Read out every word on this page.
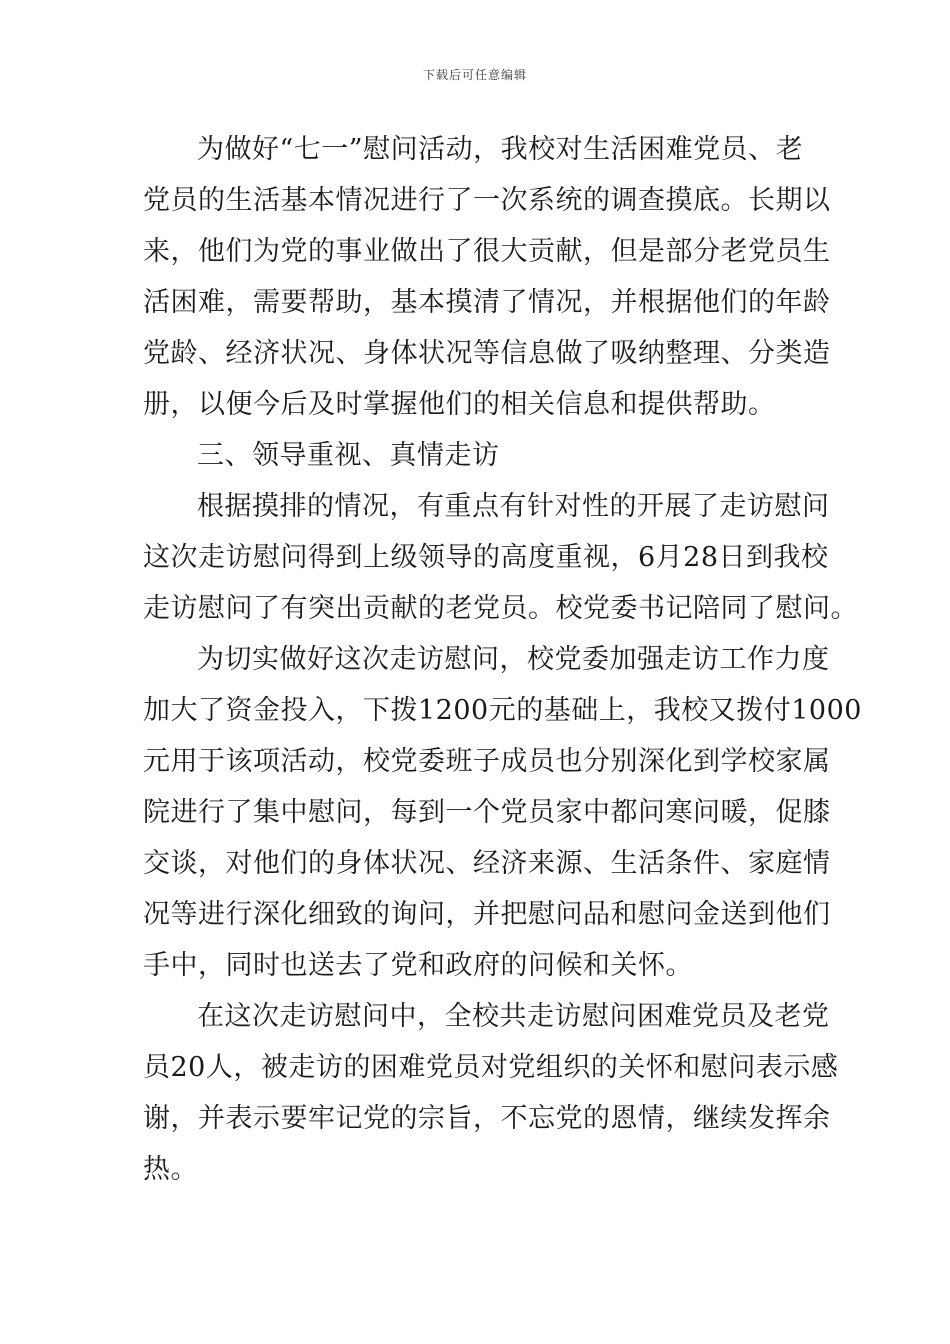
下载后可任意编辑
为做好“七一”慰问活动，我校对生活困难党员、老
党员的生活基本情况进行了一次系统的调查摸底。长期以
来，他们为党的事业做出了很大贡献，但是部分老党员生
活困难，需要帮助，基本摸清了情况，并根据他们的年龄
党龄、经济状况、身体状况等信息做了吸纳整理、分类造
册，以便今后及时掌握他们的相关信息和提供帮助。
三、领导重视、真情走访
根据摸排的情况，有重点有针对性的开展了走访慰问
这次走访慰问得到上级领导的高度重视，6月28日到我校
走访慰问了有突出贡献的老党员。校党委书记陪同了慰问。
为切实做好这次走访慰问，校党委加强走访工作力度
加大了资金投入，下拨1200元的基础上，我校又拨付1000
元用于该项活动，校党委班子成员也分别深化到学校家属
院进行了集中慰问，每到一个党员家中都问寒问暖，促膝
交谈，对他们的身体状况、经济来源、生活条件、家庭情
况等进行深化细致的询问，并把慰问品和慰问金送到他们
手中，同时也送去了党和政府的问候和关怀。
在这次走访慰问中，全校共走访慰问困难党员及老党
员20人，被走访的困难党员对党组织的关怀和慰问表示感
谢，并表示要牢记党的宗旨，不忘党的恩情，继续发挥余
热。
